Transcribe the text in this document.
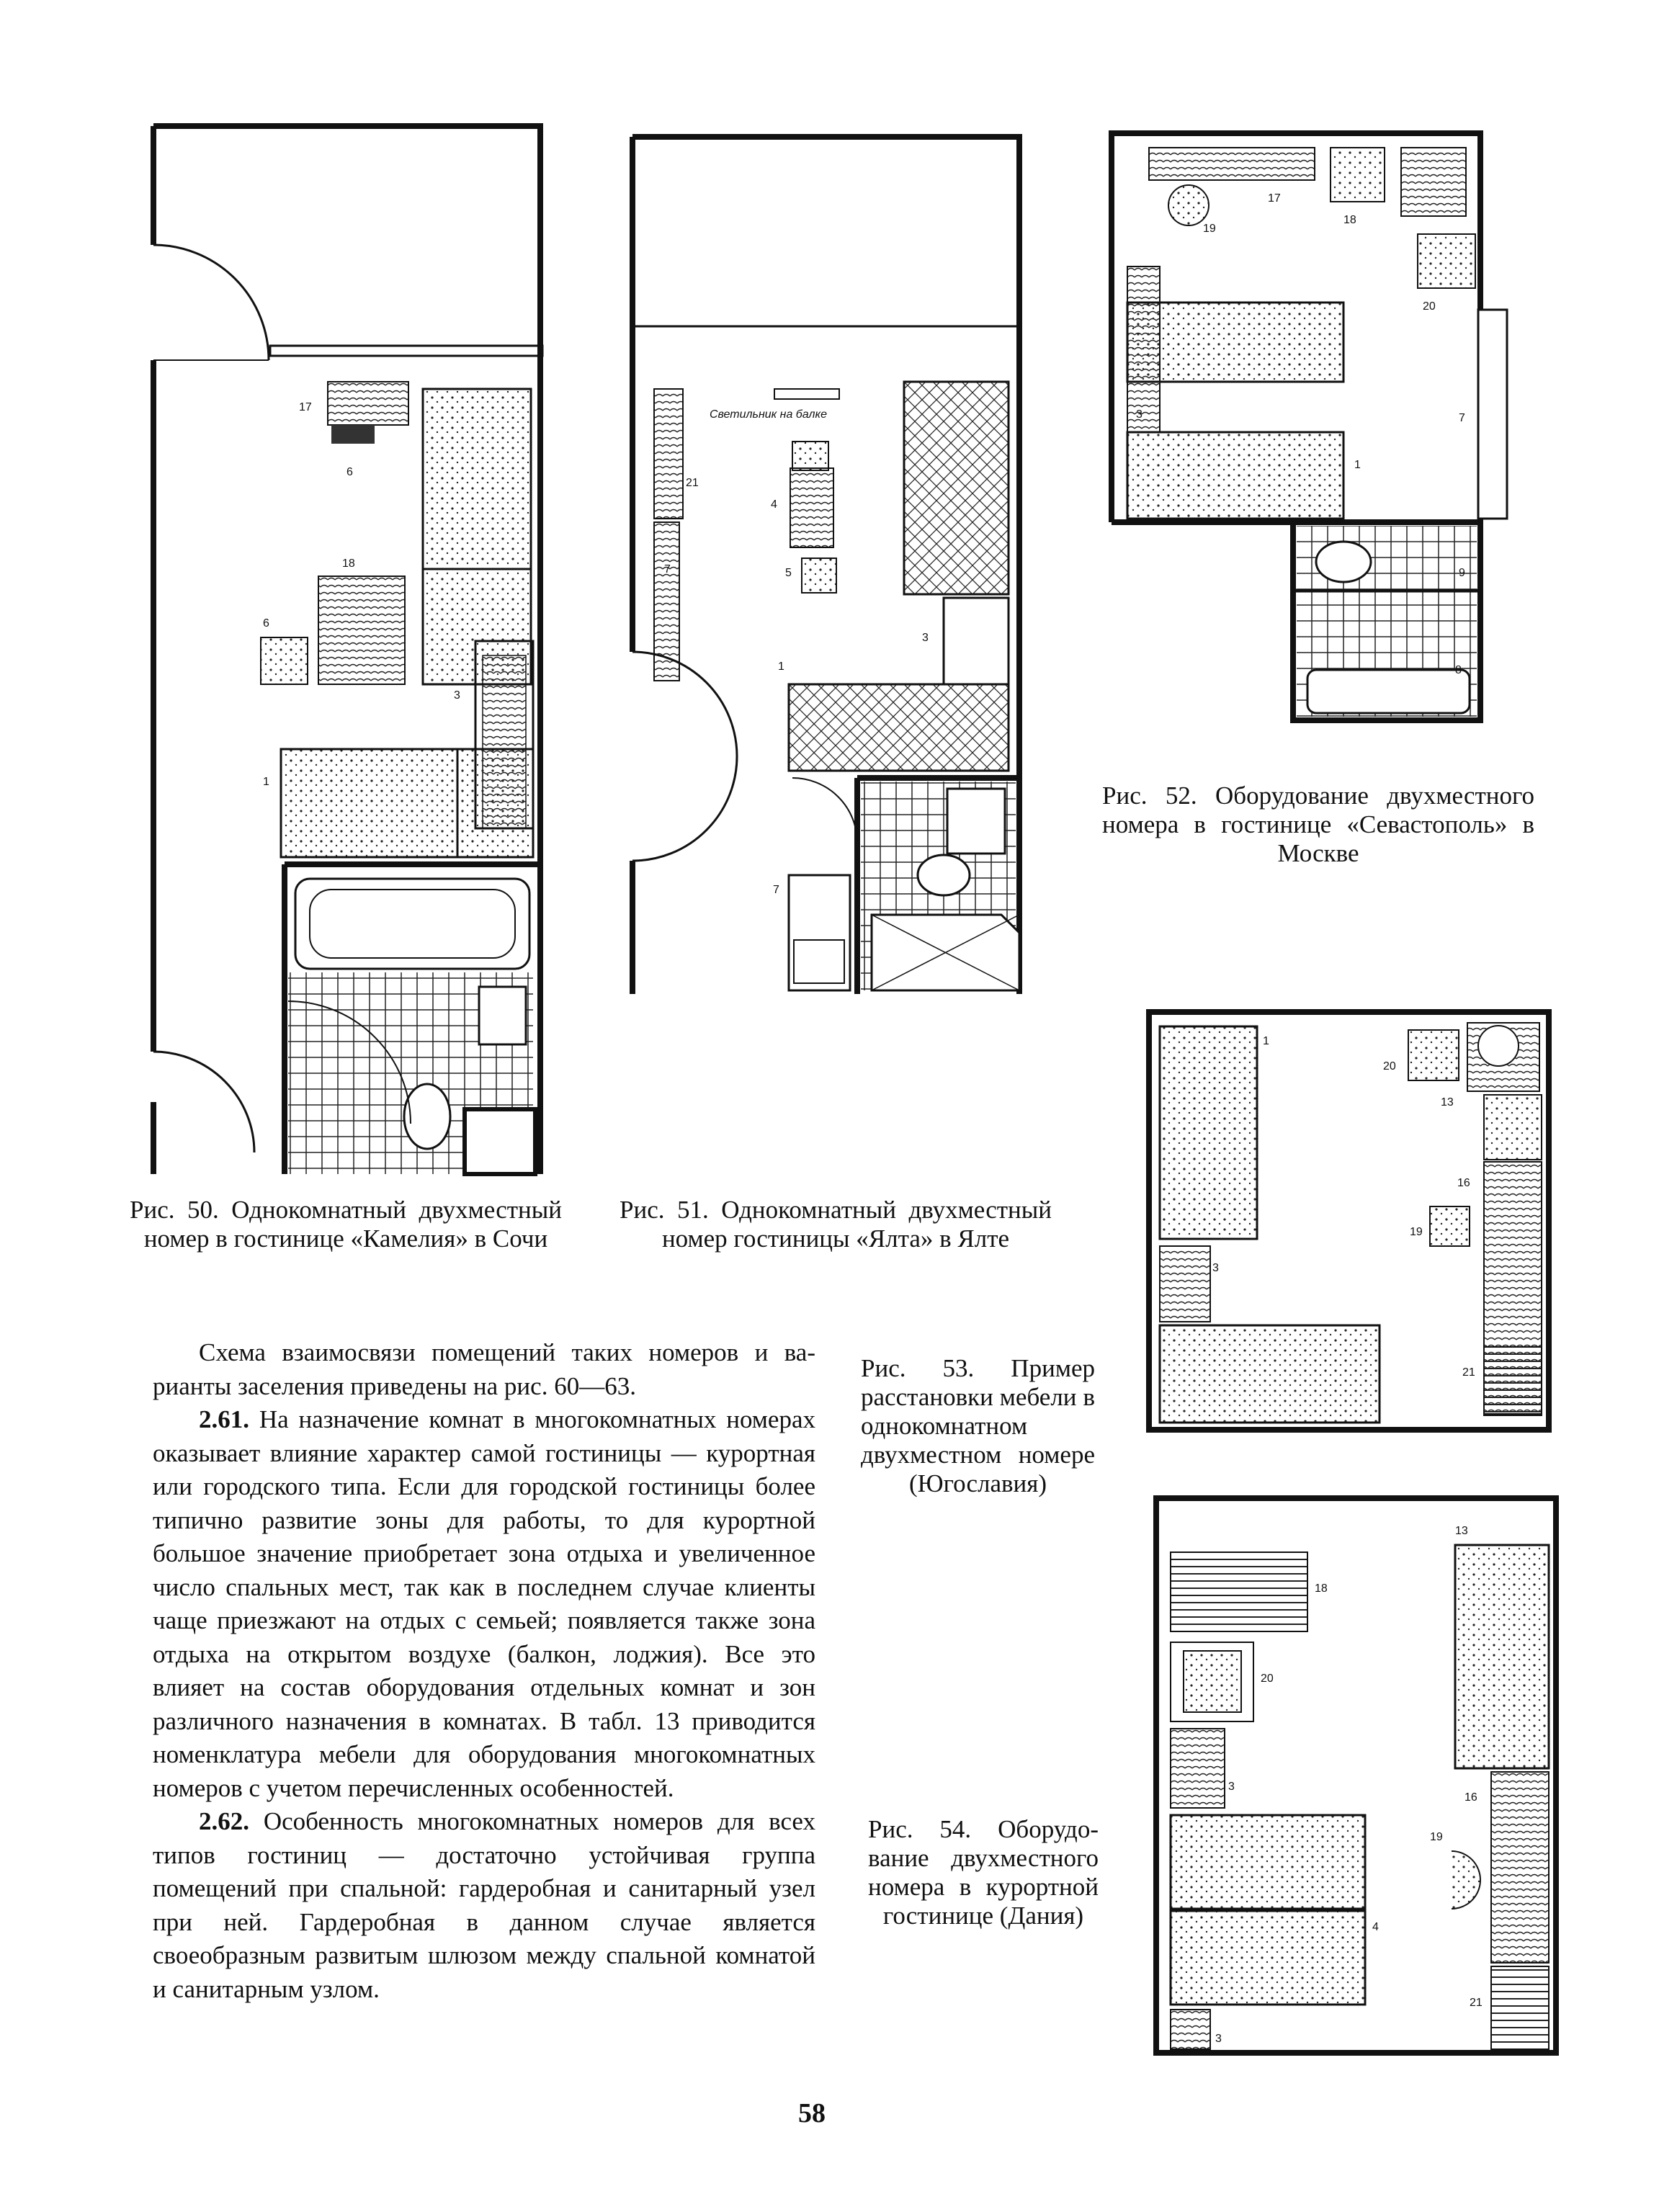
17
6
18
6
3
1
Рис. 50. Однокомнатный двухместный номер в гостинице «Камелия» в Сочи
Светильник на балке
21
4
5
7
3
1
7
Рис. 51. Однокомнатный двухместный номер гостиницы «Ялта» в Ялте
19
17
18
20
3
1
7
9
8
Рис. 52. Оборудование двухместного номера в гостинице «Севастополь» в Москве
1
3
20
13
16
21
19
Рис. 53. Пример расстановки мебели в однокомнатном двухместном номере (Югославия)
18
20
3
4
3
13
16
21
19
Рис. 54. Оборудование двухместного номера в курортной гостинице (Дания)

Схема взаимосвязи помещений таких номеров и варианты заселения приведены на рис. 60—63.

2.61. На назначение комнат в многокомнатных номерах оказывает влияние характер самой гостиницы — курортная или городского типа. Если для городской гостиницы более типично развитие зоны для работы, то для курортной большое значение приобретает зона отдыха и увеличенное число спальных мест, так как в последнем случае клиенты чаще приезжают на отдых с семьей; появляется также зона отдыха на открытом воздухе (балкон, лоджия). Все это влияет на состав оборудования отдельных комнат и зон различного назначения в комнатах. В табл. 13 приводится номенклатура мебели для оборудования многокомнатных номеров с учетом перечисленных особенностей.

2.62. Особенность многокомнатных номеров для всех типов гостиниц — достаточно устойчивая группа помещений при спальной: гардеробная и санитарный узел при ней. Гардеробная в данном случае является своеобразным развитым шлюзом между спальной комнатой и санитарным узлом.

58
